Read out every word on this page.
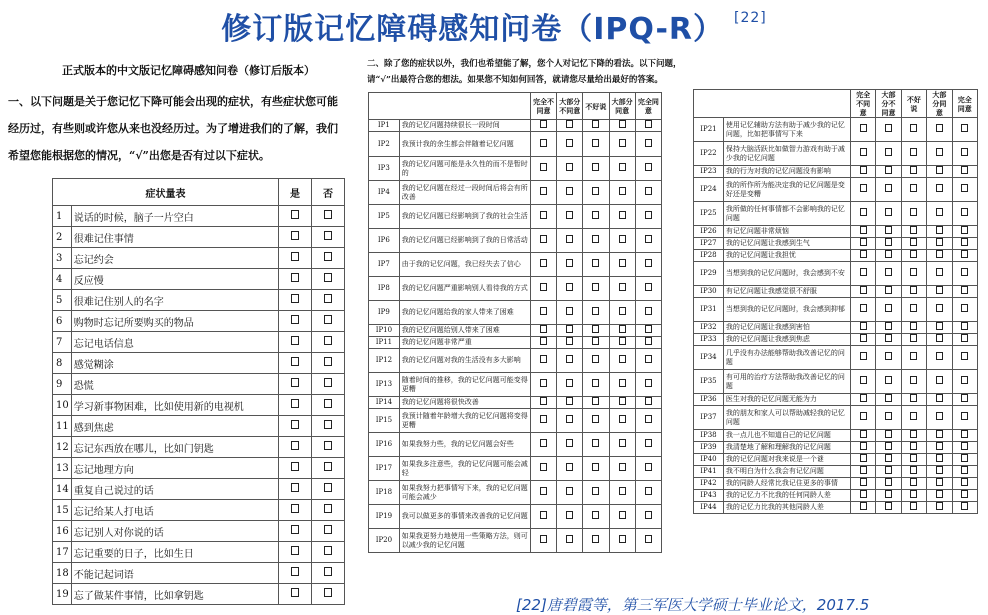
修订版记忆障碍感知问卷（IPQ-R） [22]
正式版本的中文版记忆障碍感知问卷（修订后版本）
一、以下问题是关于您记忆下降可能会出现的症状，有些症状您可能经历过，有些则或许您从来也没经历过。为了增进我们的了解，我们希望您能根据您的情况，“√”出您是否有过以下症状。
症状量表		是	否
1	说话的时候，脑子一片空白		
2	很难记住事情		
3	忘记约会		
4	反应慢		
5	很难记住别人的名字		
6	购物时忘记所要购买的物品		
7	忘记电话信息		
8	感觉糊涂		
9	恐慌		
10	学习新事物困难，比如使用新的电视机		
11	感到焦虑		
12	忘记东西放在哪儿，比如门钥匙		
13	忘记地理方向		
14	重复自己说过的话		
15	忘记给某人打电话		
16	忘记别人对你说的话		
17	忘记重要的日子，比如生日		
18	不能记起词语		
19	忘了做某件事情，比如拿钥匙		
二、除了您的症状以外，我们也希望能了解，您个人对记忆下降的看法。以下问题，请“√”出最符合您的想法。如果您不知如何回答，就请您尽量给出最好的答案。
		完全不同意	大部分不同意	不好说	大部分同意	完全同意
IP1	我的记忆问题持续很长一段时间					
IP2	我预计我的余生都会伴随着记忆问题					
IP3	我的记忆问题可能是永久性的而不是暂时的					
IP4	我的记忆问题在经过一段时间后将会有所改善					
IP5	我的记忆问题已经影响到了我的社会生活					
IP6	我的记忆问题已经影响到了我的日常活动					
IP7	由于我的记忆问题，我已经失去了信心					
IP8	我的记忆问题严重影响别人看待我的方式					
IP9	我的记忆问题给我的家人带来了困难					
IP10	我的记忆问题给别人带来了困难					
IP11	我的记忆问题非常严重					
IP12	我的记忆问题对我的生活没有多大影响					
IP13	随着时间的推移，我的记忆问题可能变得更糟					
IP14	我的记忆问题将很快改善					
IP15	我预计随着年龄增大我的记忆问题将变得更糟					
IP16	如果我努力些，我的记忆问题会好些					
IP17	如果我多注意些，我的记忆问题可能会减轻					
IP18	如果我努力把事情写下来，我的记忆问题可能会减少					
IP19	我可以做更多的事情来改善我的记忆问题					
IP20	如果我更努力地使用一些策略方法，则可以减少我的记忆问题					
		完全不同意	大部分不同意	不好说	大部分同意	完全同意
IP21	使用记忆辅助方法有助于减少我的记忆问题，比如把事情写下来					
IP22	保持大脑活跃比如做智力游戏有助于减少我的记忆问题					
IP23	我的行为对我的记忆问题没有影响					
IP24	我的所作所为能决定我的记忆问题是变好还是变糟					
IP25	我所做的任何事情都不会影响我的记忆问题					
IP26	有记忆问题非常烦恼					
IP27	我的记忆问题让我感到生气					
IP28	我的记忆问题让我担忧					
IP29	当想到我的记忆问题时，我会感到不安					
IP30	有记忆问题让我感觉很不舒服					
IP31	当想到我的记忆问题时，我会感到抑郁					
IP32	我的记忆问题让我感到害怕					
IP33	我的记忆问题让我感到焦虑					
IP34	几乎没有办法能够帮助我改善记忆的问题					
IP35	有可用的治疗方法帮助我改善记忆的问题					
IP36	医生对我的记忆问题无能为力					
IP37	我的朋友和家人可以帮助减轻我的记忆问题					
IP38	我一点儿也不知道自己的记忆问题					
IP39	我清楚地了解和理解我的记忆问题					
IP40	我的记忆问题对我来说是一个谜					
IP41	我不明白为什么我会有记忆问题					
IP42	我的同龄人经常比我记住更多的事情					
IP43	我的记忆力不比我的任何同龄人差					
IP44	我的记忆力比我的其他同龄人差					
[22]唐碧霞等，第三军医大学硕士毕业论文，2017.5
